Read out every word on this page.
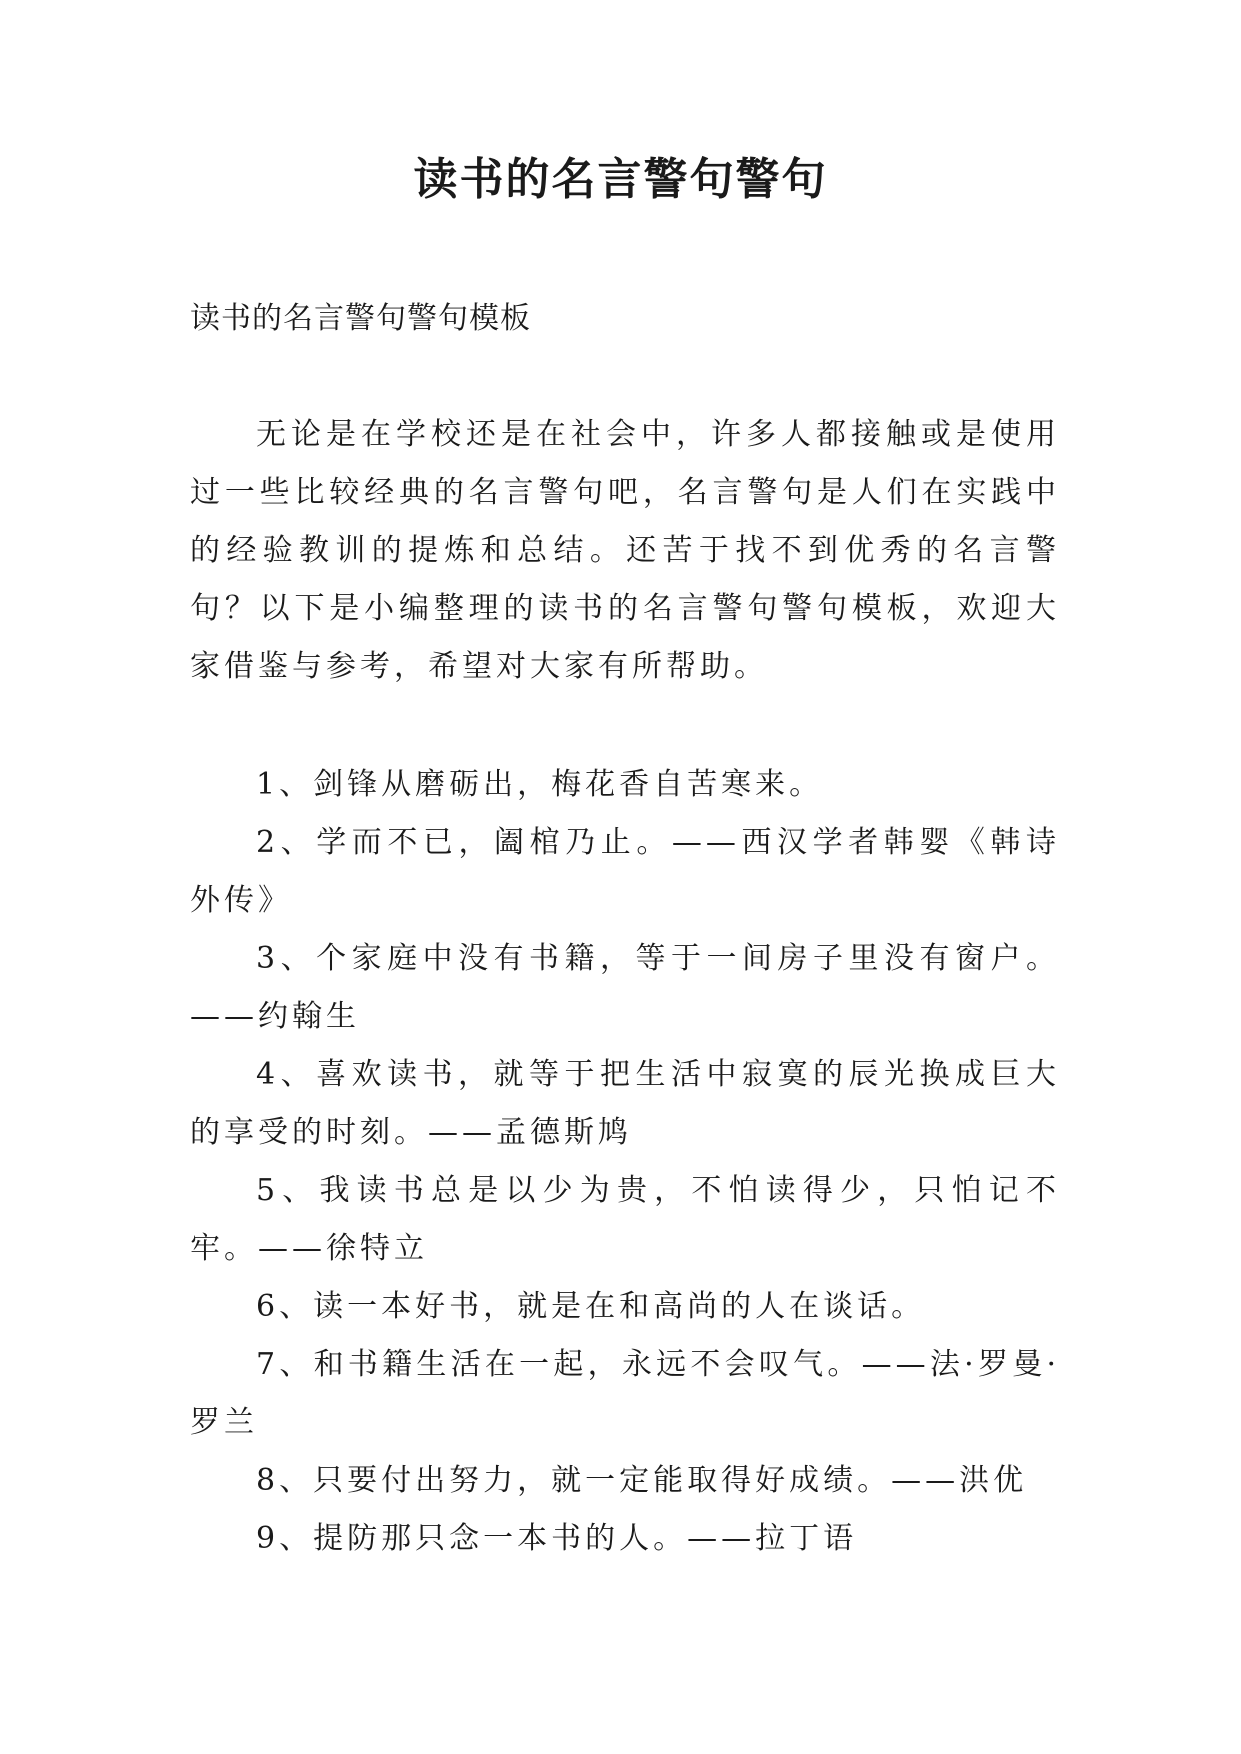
读书的名言警句警句

读书的名言警句警句模板

无论是在学校还是在社会中，许多人都接触或是使用过一些比较经典的名言警句吧，名言警句是人们在实践中的经验教训的提炼和总结。还苦于找不到优秀的名言警句？以下是小编整理的读书的名言警句警句模板，欢迎大家借鉴与参考，希望对大家有所帮助。

1、剑锋从磨砺出，梅花香自苦寒来。
2、学而不已，阖棺乃止。——西汉学者韩婴《韩诗外传》
3、个家庭中没有书籍，等于一间房子里没有窗户。——约翰生
4、喜欢读书，就等于把生活中寂寞的辰光换成巨大的享受的时刻。——孟德斯鸠
5、我读书总是以少为贵，不怕读得少，只怕记不牢。——徐特立
6、读一本好书，就是在和高尚的人在谈话。
7、和书籍生活在一起，永远不会叹气。——法·罗曼·罗兰
8、只要付出努力，就一定能取得好成绩。——洪优
9、提防那只念一本书的人。——拉丁语
